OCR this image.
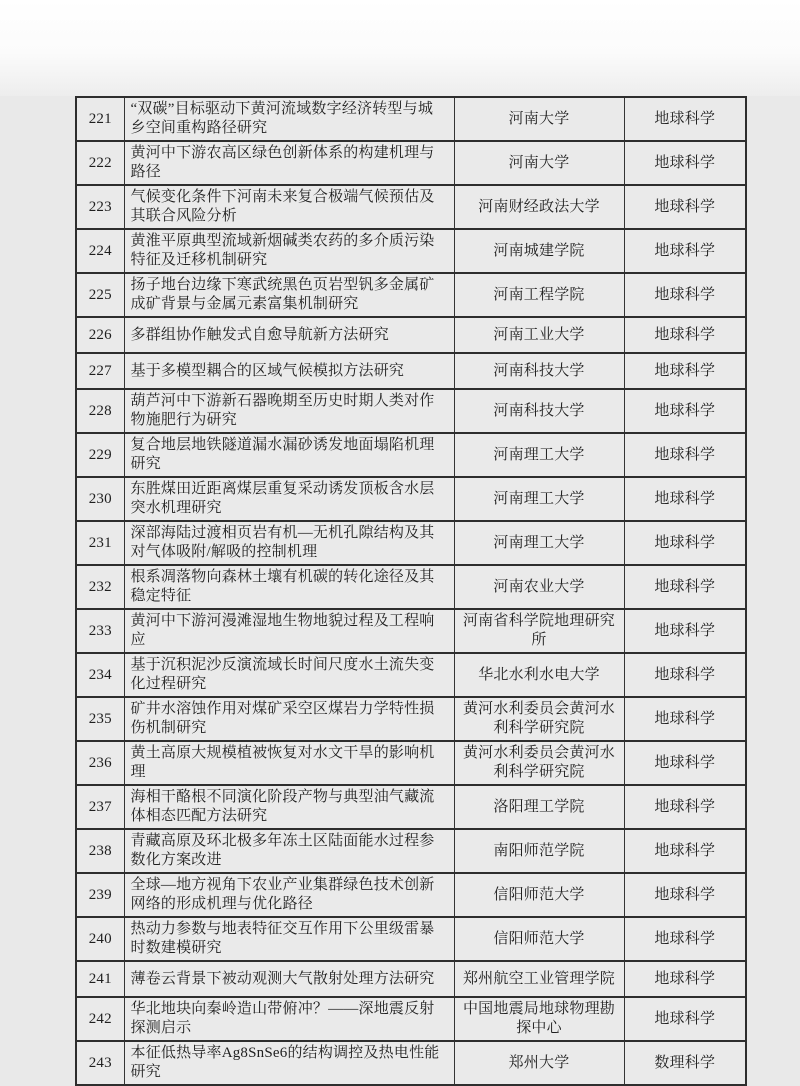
221	“双碳”目标驱动下黄河流域数字经济转型与城乡空间重构路径研究	河南大学	地球科学
222	黄河中下游农高区绿色创新体系的构建机理与路径	河南大学	地球科学
223	气候变化条件下河南未来复合极端气候预估及其联合风险分析	河南财经政法大学	地球科学
224	黄淮平原典型流域新烟碱类农药的多介质污染特征及迁移机制研究	河南城建学院	地球科学
225	扬子地台边缘下寒武统黑色页岩型钒多金属矿成矿背景与金属元素富集机制研究	河南工程学院	地球科学
226	多群组协作触发式自愈导航新方法研究	河南工业大学	地球科学
227	基于多模型耦合的区域气候模拟方法研究	河南科技大学	地球科学
228	葫芦河中下游新石器晚期至历史时期人类对作物施肥行为研究	河南科技大学	地球科学
229	复合地层地铁隧道漏水漏砂诱发地面塌陷机理研究	河南理工大学	地球科学
230	东胜煤田近距离煤层重复采动诱发顶板含水层突水机理研究	河南理工大学	地球科学
231	深部海陆过渡相页岩有机—无机孔隙结构及其对气体吸附/解吸的控制机理	河南理工大学	地球科学
232	根系凋落物向森林土壤有机碳的转化途径及其稳定特征	河南农业大学	地球科学
233	黄河中下游河漫滩湿地生物地貌过程及工程响应	河南省科学院地理研究所	地球科学
234	基于沉积泥沙反演流域长时间尺度水土流失变化过程研究	华北水利水电大学	地球科学
235	矿井水溶蚀作用对煤矿采空区煤岩力学特性损伤机制研究	黄河水利委员会黄河水利科学研究院	地球科学
236	黄土高原大规模植被恢复对水文干旱的影响机理	黄河水利委员会黄河水利科学研究院	地球科学
237	海相干酪根不同演化阶段产物与典型油气藏流体相态匹配方法研究	洛阳理工学院	地球科学
238	青藏高原及环北极多年冻土区陆面能水过程参数化方案改进	南阳师范学院	地球科学
239	全球—地方视角下农业产业集群绿色技术创新网络的形成机理与优化路径	信阳师范大学	地球科学
240	热动力参数与地表特征交互作用下公里级雷暴时数建模研究	信阳师范大学	地球科学
241	薄卷云背景下被动观测大气散射处理方法研究	郑州航空工业管理学院	地球科学
242	华北地块向秦岭造山带俯冲？——深地震反射探测启示	中国地震局地球物理勘探中心	地球科学
243	本征低热导率Ag8SnSe6的结构调控及热电性能研究	郑州大学	数理科学
